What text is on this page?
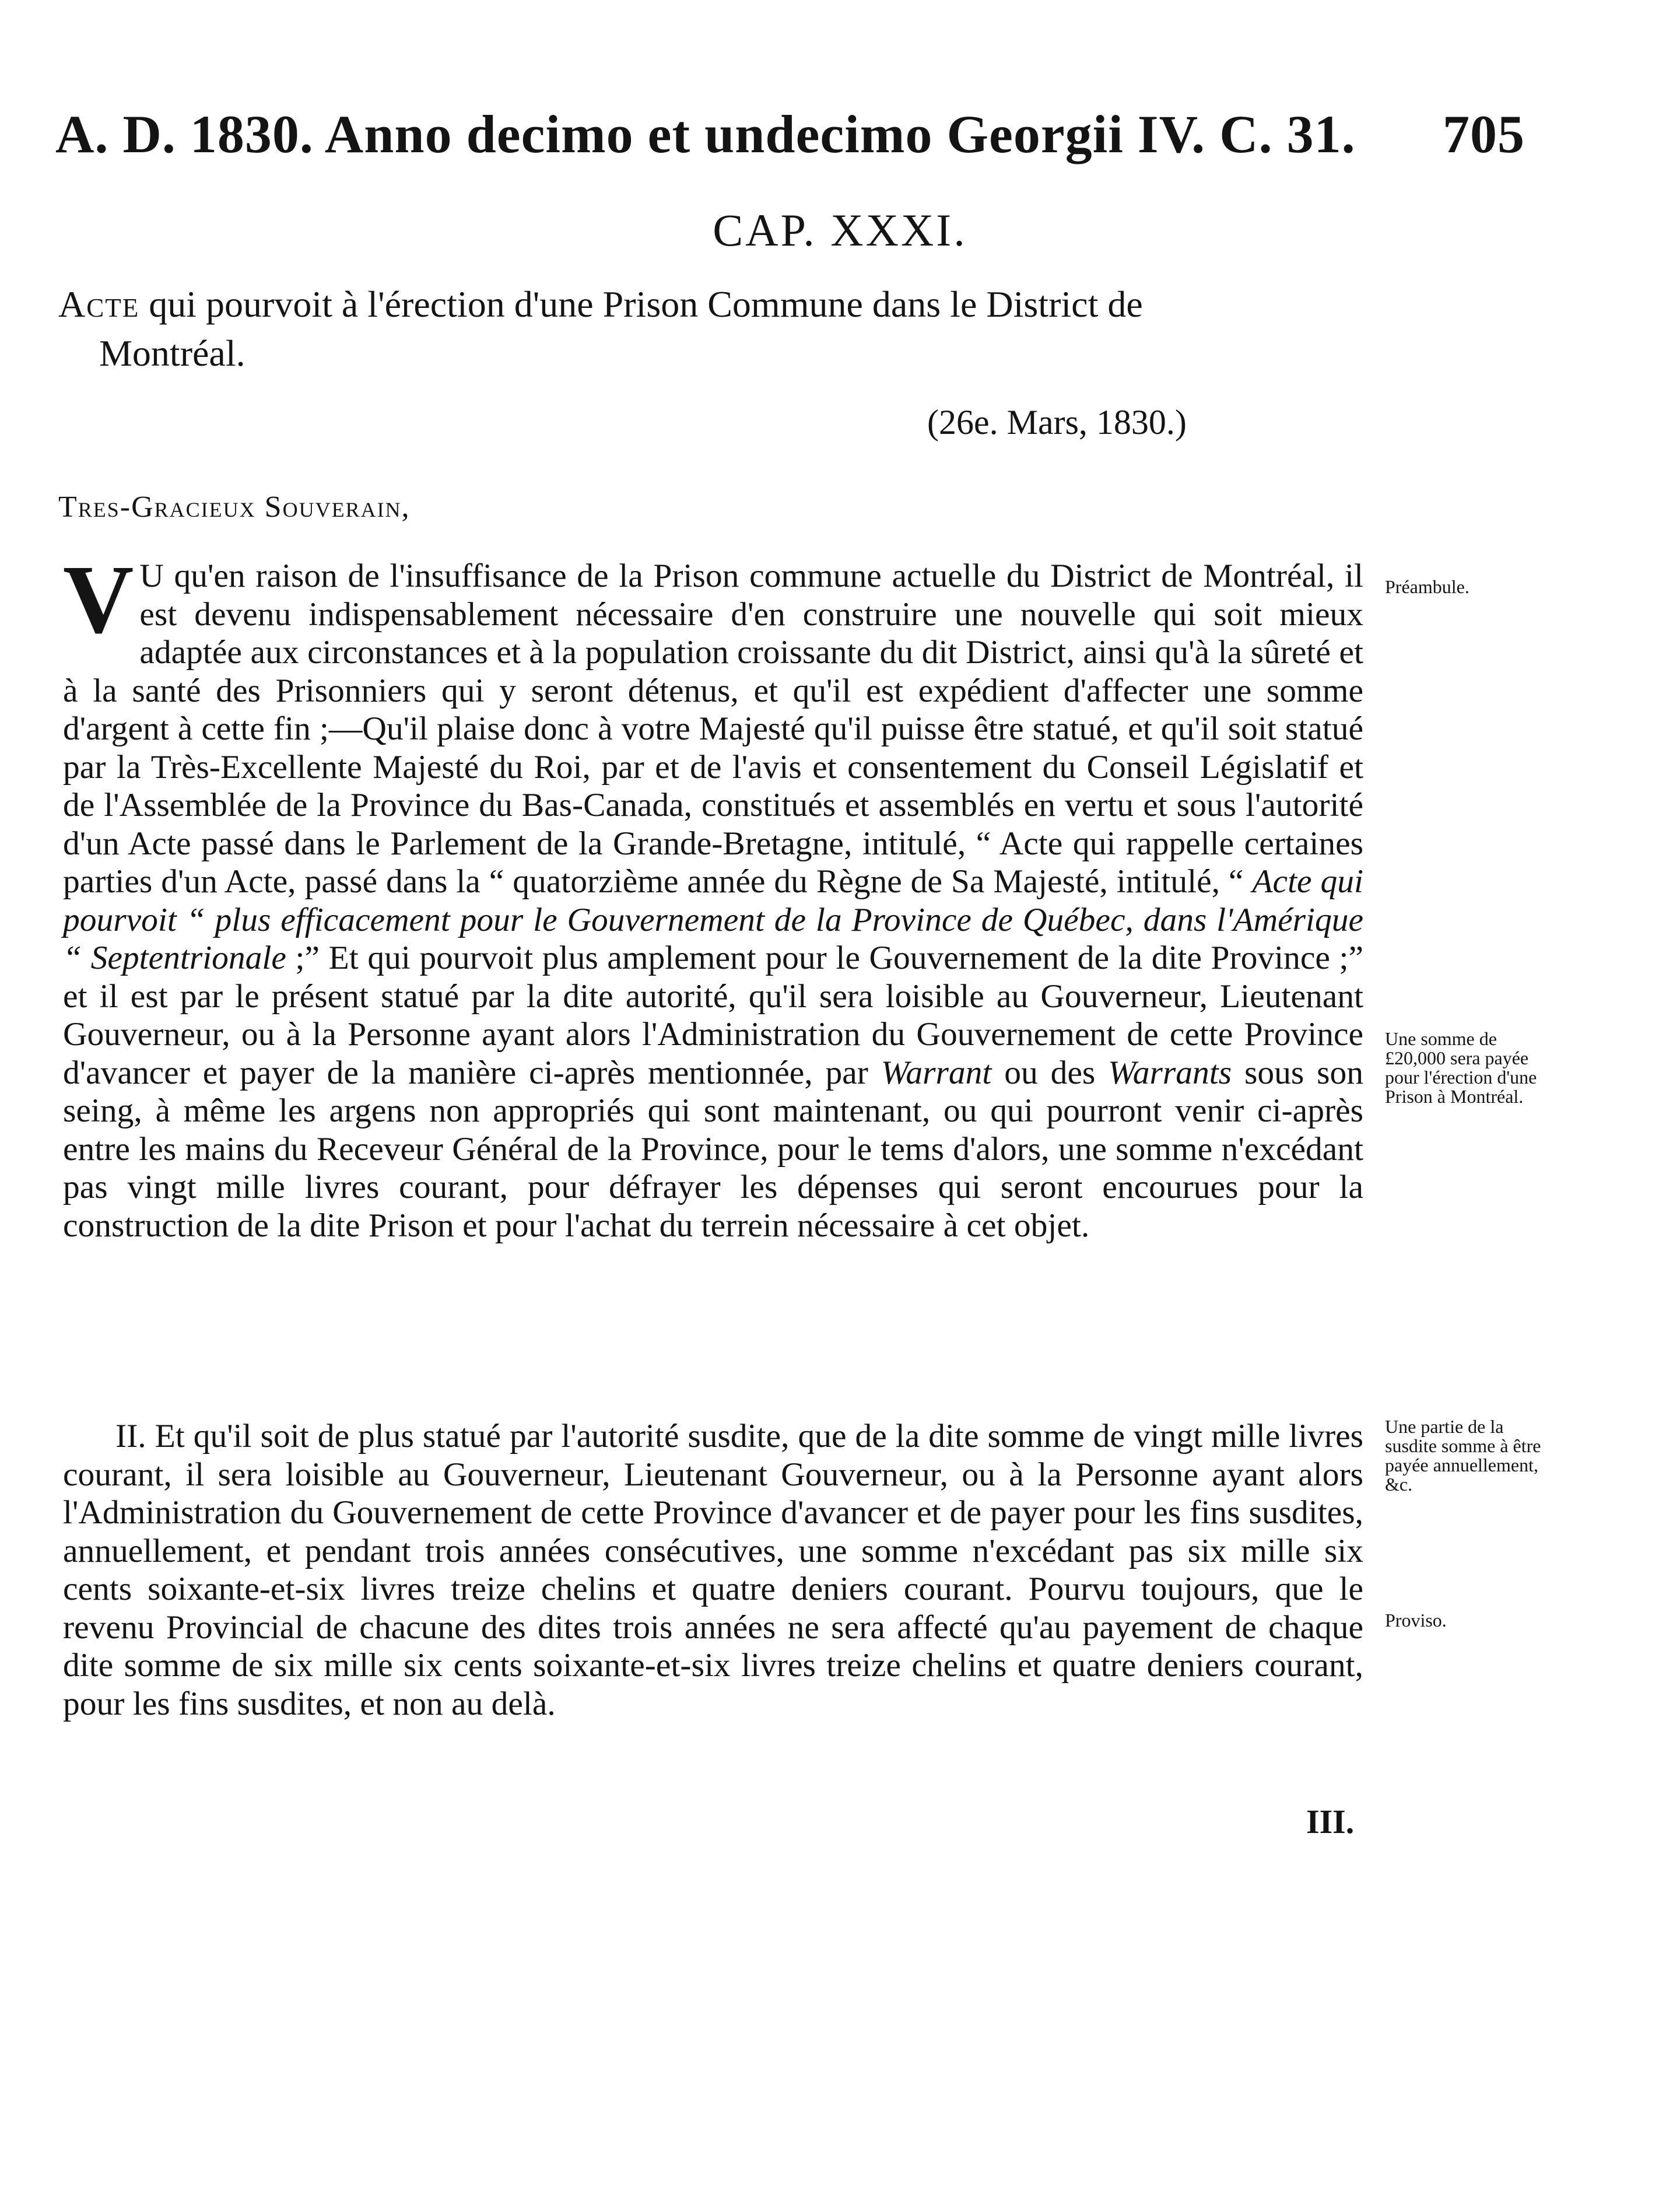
A. D. 1830. Anno decimo et undecimo Georgii IV. C. 31. 705
CAP. XXXI.
Acte qui pourvoit à l'érection d'une Prison Commune dans le District de
Montréal.
(26e. Mars, 1830.)
Tres-Gracieux Souverain,
V U qu'en raison de l'insuffisance de la Prison commune actuelle du District de Montréal, il est devenu indispensablement nécessaire d'en construire une nouvelle qui soit mieux adaptée aux circonstances et à la population croissante du dit District, ainsi qu'à la sûreté et à la santé des Prisonniers qui y seront détenus, et qu'il est expédient d'affecter une somme d'argent à cette fin ;—Qu'il plaise donc à votre Majesté qu'il puisse être statué, et qu'il soit statué par la Très-Excellente Majesté du Roi, par et de l'avis et consentement du Conseil Législatif et de l'Assemblée de la Province du Bas-Canada, constitués et assemblés en vertu et sous l'autorité d'un Acte passé dans le Parlement de la Grande-Bretagne, intitulé, “ Acte qui rappelle certaines parties d'un Acte, passé dans la “ quatorzième année du Règne de Sa Majesté, intitulé, “ Acte qui pourvoit “ plus efficacement pour le Gouvernement de la Province de Québec, dans l'Amérique “ Septentrionale ;” Et qui pourvoit plus amplement pour le Gouvernement de la dite Province ;” et il est par le présent statué par la dite autorité, qu'il sera loisible au Gouverneur, Lieutenant Gouverneur, ou à la Personne ayant alors l'Administration du Gouvernement de cette Province d'avancer et payer de la manière ci-après mentionnée, par Warrant ou des Warrants sous son seing, à même les argens non appropriés qui sont maintenant, ou qui pourront venir ci-après entre les mains du Receveur Général de la Province, pour le tems d'alors, une somme n'excédant pas vingt mille livres courant, pour défrayer les dépenses qui seront encourues pour la construction de la dite Prison et pour l'achat du terrein nécessaire à cet objet.
II. Et qu'il soit de plus statué par l'autorité susdite, que de la dite somme de vingt mille livres courant, il sera loisible au Gouverneur, Lieutenant Gouverneur, ou à la Personne ayant alors l'Administration du Gouvernement de cette Province d'avancer et de payer pour les fins susdites, annuellement, et pendant trois années consécutives, une somme n'excédant pas six mille six cents soixante-et-six livres treize chelins et quatre deniers courant. Pourvu toujours, que le revenu Provincial de chacune des dites trois années ne sera affecté qu'au payement de chaque dite somme de six mille six cents soixante-et-six livres treize chelins et quatre deniers courant, pour les fins susdites, et non au delà.
Préambule.
Une somme de £20,000 sera payée pour l'érection d'une Prison à Montréal.
Une partie de la susdite somme à être payée annuellement, &c.
Proviso.
III.
